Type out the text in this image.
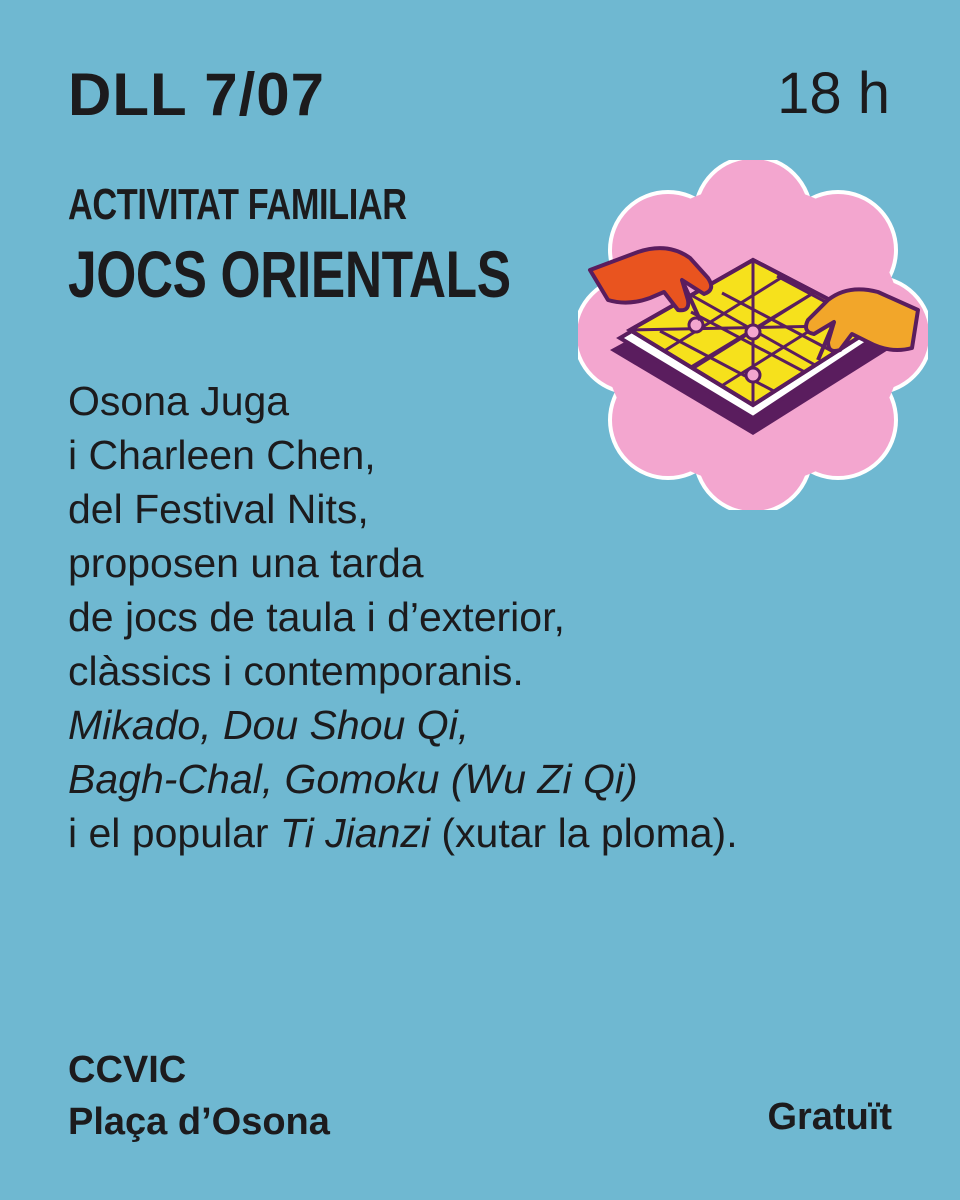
DLL 7/07	18 h
ACTIVITAT FAMILIAR
JOCS ORIENTALS
Osona Juga
i Charleen Chen,
del Festival Nits,
proposen una tarda
de jocs de taula i d’exterior,
clàssics i contemporanis.
Mikado, Dou Shou Qi,
Bagh-Chal, Gomoku (Wu Zi Qi)
i el popular Ti Jianzi (xutar la ploma).
CCVIC
Plaça d’Osona	Gratuït
